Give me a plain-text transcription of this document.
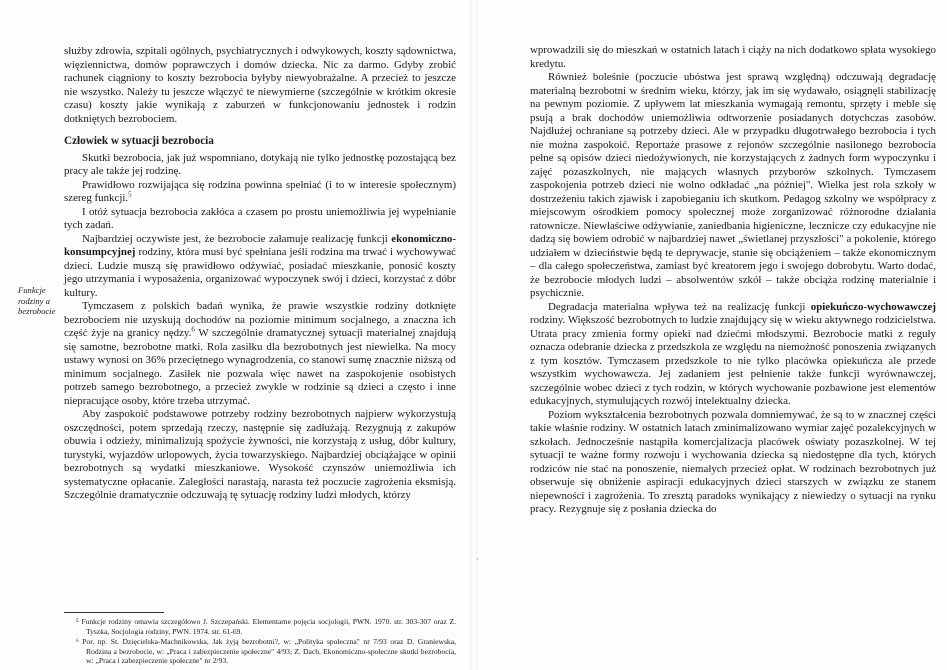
służby zdrowia, szpitali ogólnych, psychiatrycznych i odwykowych, koszty sądownictwa, więziennictwa, domów poprawczych i domów dziecka. Nic za darmo. Gdyby zrobić rachunek ciągniony to koszty bezrobocia byłyby niewyobrażalne. A przecież to jeszcze nie wszystko. Należy tu jeszcze włączyć te niewymierne (szczególnie w krótkim okresie czasu) koszty jakie wynikają z zaburzeń w funkcjonowaniu jednostek i rodzin dotkniętych bezrobociem.

Człowiek w sytuacji bezrobocia

Skutki bezrobocia, jak już wspomniano, dotykają nie tylko jednostkę pozostającą bez pracy ale także jej rodzinę.

Prawidłowo rozwijająca się rodzina powinna spełniać (i to w interesie społecznym) szereg funkcji.$^5$

I otóż sytuacja bezrobocia zakłóca a czasem po prostu uniemożliwia jej wypełnianie tych zadań.

Najbardziej oczywiste jest, że bezrobocie załamuje realizację funkcji ekonomiczno-konsumpcyjnej rodziny, która musi być spełniana jeśli rodzina ma trwać i wychowywać dzieci. Ludzie muszą się prawidłowo odżywiać, posiadać mieszkanie, ponosić koszty jego utrzymania i wyposażenia, organizować wypoczynek swój i dzieci, korzystać z dóbr kultury.

Tymczasem z polskich badań wynika, że prawie wszystkie rodziny dotknięte bezrobociem nie uzyskują dochodów na poziomie minimum socjalnego, a znaczna ich część żyje na granicy nędzy.$^6$ W szczególnie dramatycznej sytuacji materialnej znajdują się samotne, bezrobotne matki. Rola zasiłku dla bezrobotnych jest niewielka. Na mocy ustawy wynosi on 36% przeciętnego wynagrodzenia, co stanowi sumę znacznie niższą od minimum socjalnego. Zasiłek nie pozwala więc nawet na zaspokojenie osobistych potrzeb samego bezrobotnego, a przecież zwykle w rodzinie są dzieci a często i inne niepracujące osoby, które trzeba utrzymać.

Aby zaspokoić podstawowe potrzeby rodziny bezrobotnych najpierw wykorzystują oszczędności, potem sprzedają rzeczy, następnie się zadłużają. Rezygnują z zakupów obuwia i odzieży, minimalizują spożycie żywności, nie korzystają z usług, dóbr kultury, turystyki, wyjazdów urlopowych, życia towarzyskiego. Najbardziej obciążające w opinii bezrobotnych są wydatki mieszkaniowe. Wysokość czynszów uniemożliwia ich systematyczne opłacanie. Zaległości narastają, narasta też poczucie zagrożenia eksmisją. Szczególnie dramatycznie odczuwają tę sytuację rodziny ludzi młodych, którzy

Funkcje rodziny a bezrobocie

⁵ Funkcje rodziny omawia szczegółowo J. Szczepański. Elementarne pojęcia socjologii, PWN. 1970. str. 303-307 oraz Z. Tyszka, Socjologia rodziny, PWN. 1974. str. 61-69.

⁶ Por. np. St. Dzięcielska-Machnikowska, Jak żyją bezrobotni?, w: „Polityka społeczna" nr 7/93 oraz D. Graniewska, Rodzina a bezrobocie, w: „Praca i zabezpieczenie społeczne" 4/93; Z. Dach. Ekonomiczno-społeczne skutki bezrobocia, w: „Praca i zabezpieczenie społeczne" nr 2/93.

·

wprowadzili się do mieszkań w ostatnich latach i ciąży na nich dodatkowo spłata wysokiego kredytu.

Również boleśnie (poczucie ubóstwa jest sprawą względną) odczuwają degradację materialną bezrobotni w średnim wieku, którzy, jak im się wydawało, osiągnęli stabilizację na pewnym poziomie. Z upływem lat mieszkania wymagają remontu, sprzęty i meble się psują a brak dochodów uniemożliwia odtworzenie posiadanych dotychczas zasobów. Najdłużej ochraniane są potrzeby dzieci. Ale w przypadku długotrwałego bezrobocia i tych nie można zaspokoić. Reportaże prasowe z rejonów szczególnie nasilonego bezrobocia pełne są opisów dzieci niedożywionych, nie korzystających z żadnych form wypoczynku i zajęć pozaszkolnych, nie mających własnych przyborów szkolnych. Tymczasem zaspokojenia potrzeb dzieci nie wolno odkładać „na później". Wielka jest rola szkoły w dostrzeżeniu takich zjawisk i zapobieganiu ich skutkom. Pedagog szkolny we współpracy z miejscowym ośrodkiem pomocy społecznej może zorganizować różnorodne działania ratownicze. Niewłaściwe odżywianie, zaniedbania higieniczne, lecznicze czy edukacyjne nie dadzą się bowiem odrobić w najbardziej nawet „świetlanej przyszłości" a pokolenie, którego udziałem w dzieciństwie będą te deprywacje, stanie się obciążeniem – także ekonomicznym – dla całego społeczeństwa, zamiast być kreatorem jego i swojego dobrobytu. Warto dodać, że bezrobocie młodych ludzi – absolwentów szkół – także obciąża rodzinę materialnie i psychicznie.

Degradacja materialna wpływa też na realizację funkcji opiekuńczo-wychowawczej rodziny. Większość bezrobotnych to ludzie znajdujący się w wieku aktywnego rodzicielstwa. Utrata pracy zmienia formy opieki nad dziećmi młodszymi. Bezrobocie matki z reguły oznacza odebranie dziecka z przedszkola ze względu na niemożność ponoszenia związanych z tym kosztów. Tymczasem przedszkole to nie tylko placówka opiekuńcza ale przede wszystkim wychowawcza. Jej zadaniem jest pełnienie także funkcji wyrównawczej, szczególnie wobec dzieci z tych rodzin, w których wychowanie pozbawione jest elementów edukacyjnych, stymulujących rozwój intelektualny dziecka.

Poziom wykształcenia bezrobotnych pozwala domniemywać, że są to w znacznej części takie właśnie rodziny. W ostatnich latach zminimalizowano wymiar zajęć pozalekcyjnych w szkołach. Jednocześnie nastąpiła komercjalizacja placówek oświaty pozaszkolnej. W tej sytuacji te ważne formy rozwoju i wychowania dziecka są niedostępne dla tych, których rodziców nie stać na ponoszenie, niemałych przecież opłat. W rodzinach bezrobotnych już obserwuje się obniżenie aspiracji edukacyjnych dzieci starszych w związku ze stanem niepewności i zagrożenia. To zresztą paradoks wynikający z niewiedzy o sytuacji na rynku pracy. Rezygnuje się z posłania dziecka do
